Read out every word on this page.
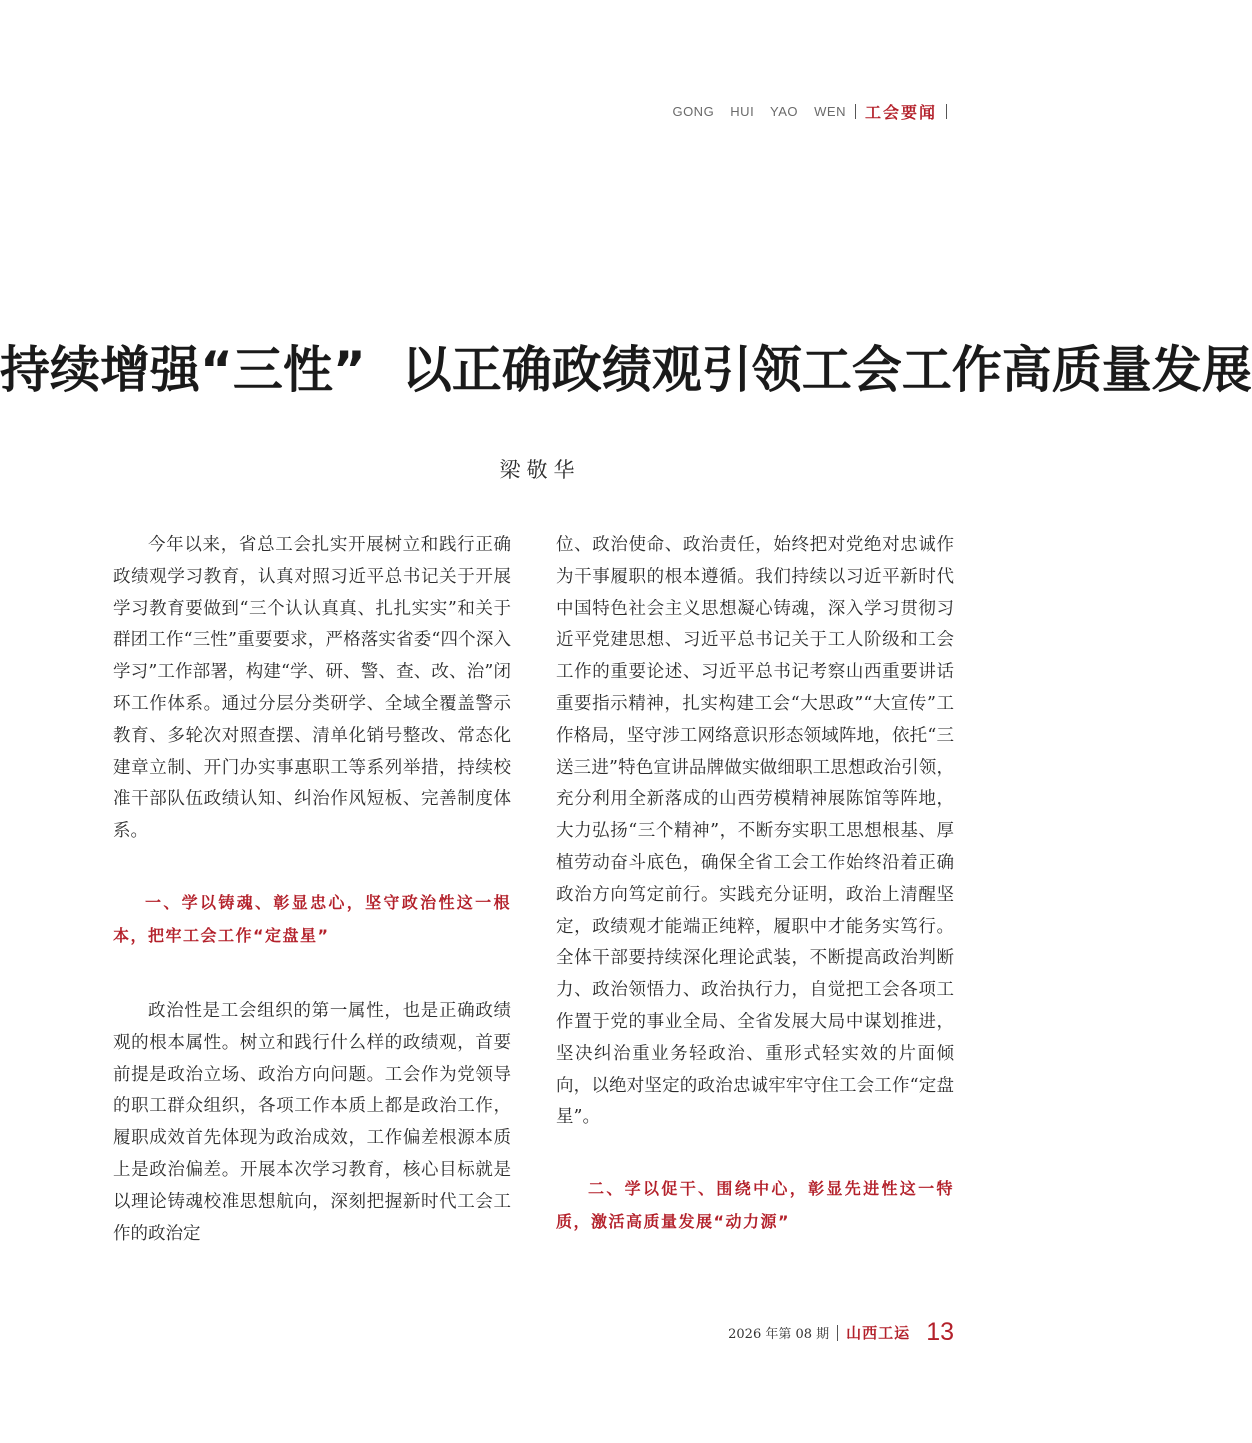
GONG HUI YAO WEN 工会要闻
持续增强“三性” 以正确政绩观引领工会工作高质量发展
梁敬华

今年以来，省总工会扎实开展树立和践行正确政绩观学习教育，认真对照习近平总书记关于开展学习教育要做到“三个认认真真、扎扎实实”和关于群团工作“三性”重要要求，严格落实省委“四个深入学习”工作部署，构建“学、研、警、查、改、治”闭环工作体系。通过分层分类研学、全域全覆盖警示教育、多轮次对照查摆、清单化销号整改、常态化建章立制、开门办实事惠职工等系列举措，持续校准干部队伍政绩认知、纠治作风短板、完善制度体系。

一、学以铸魂、彰显忠心，坚守政治性这一根本，把牢工会工作“定盘星”

政治性是工会组织的第一属性，也是正确政绩观的根本属性。树立和践行什么样的政绩观，首要前提是政治立场、政治方向问题。工会作为党领导的职工群众组织，各项工作本质上都是政治工作，履职成效首先体现为政治成效，工作偏差根源本质上是政治偏差。开展本次学习教育，核心目标就是以理论铸魂校准思想航向，深刻把握新时代工会工作的政治定

位、政治使命、政治责任，始终把对党绝对忠诚作为干事履职的根本遵循。我们持续以习近平新时代中国特色社会主义思想凝心铸魂，深入学习贯彻习近平党建思想、习近平总书记关于工人阶级和工会工作的重要论述、习近平总书记考察山西重要讲话重要指示精神，扎实构建工会“大思政”“大宣传”工作格局，坚守涉工网络意识形态领域阵地，依托“三送三进”特色宣讲品牌做实做细职工思想政治引领，充分利用全新落成的山西劳模精神展陈馆等阵地，大力弘扬“三个精神”，不断夯实职工思想根基、厚植劳动奋斗底色，确保全省工会工作始终沿着正确政治方向笃定前行。实践充分证明，政治上清醒坚定，政绩观才能端正纯粹，履职中才能务实笃行。全体干部要持续深化理论武装，不断提高政治判断力、政治领悟力、政治执行力，自觉把工会各项工作置于党的事业全局、全省发展大局中谋划推进，坚决纠治重业务轻政治、重形式轻实效的片面倾向，以绝对坚定的政治忠诚牢牢守住工会工作“定盘星”。

二、学以促干、围绕中心，彰显先进性这一特质，激活高质量发展“动力源”
2026 年第 08 期 山西工运 13
